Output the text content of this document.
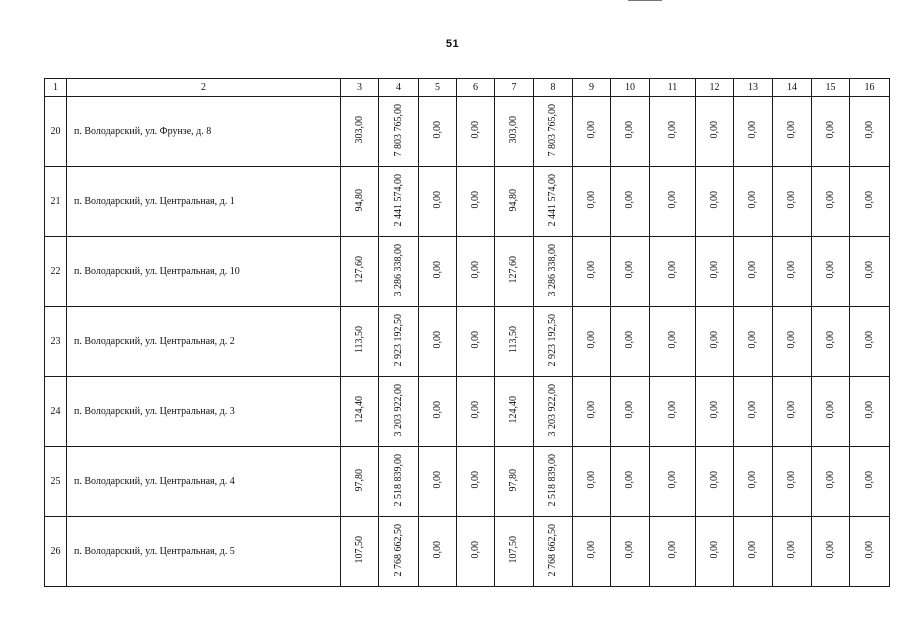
51
1	2	3	4	5	6	7	8	9	10	11	12	13	14	15	16
20	п. Володарский, ул. Фрунзе, д. 8	303,00	7 803 765,00	0,00	0,00	303,00	7 803 765,00	0,00	0,00	0,00	0,00	0,00	0,00	0,00	0,00
21	п. Володарский, ул. Центральная, д. 1	94,80	2 441 574,00	0,00	0,00	94,80	2 441 574,00	0,00	0,00	0,00	0,00	0,00	0,00	0,00	0,00
22	п. Володарский, ул. Центральная, д. 10	127,60	3 286 338,00	0,00	0,00	127,60	3 286 338,00	0,00	0,00	0,00	0,00	0,00	0,00	0,00	0,00
23	п. Володарский, ул. Центральная, д. 2	113,50	2 923 192,50	0,00	0,00	113,50	2 923 192,50	0,00	0,00	0,00	0,00	0,00	0,00	0,00	0,00
24	п. Володарский, ул. Центральная, д. 3	124,40	3 203 922,00	0,00	0,00	124,40	3 203 922,00	0,00	0,00	0,00	0,00	0,00	0,00	0,00	0,00
25	п. Володарский, ул. Центральная, д. 4	97,80	2 518 839,00	0,00	0,00	97,80	2 518 839,00	0,00	0,00	0,00	0,00	0,00	0,00	0,00	0,00
26	п. Володарский, ул. Центральная, д. 5	107,50	2 768 662,50	0,00	0,00	107,50	2 768 662,50	0,00	0,00	0,00	0,00	0,00	0,00	0,00	0,00
